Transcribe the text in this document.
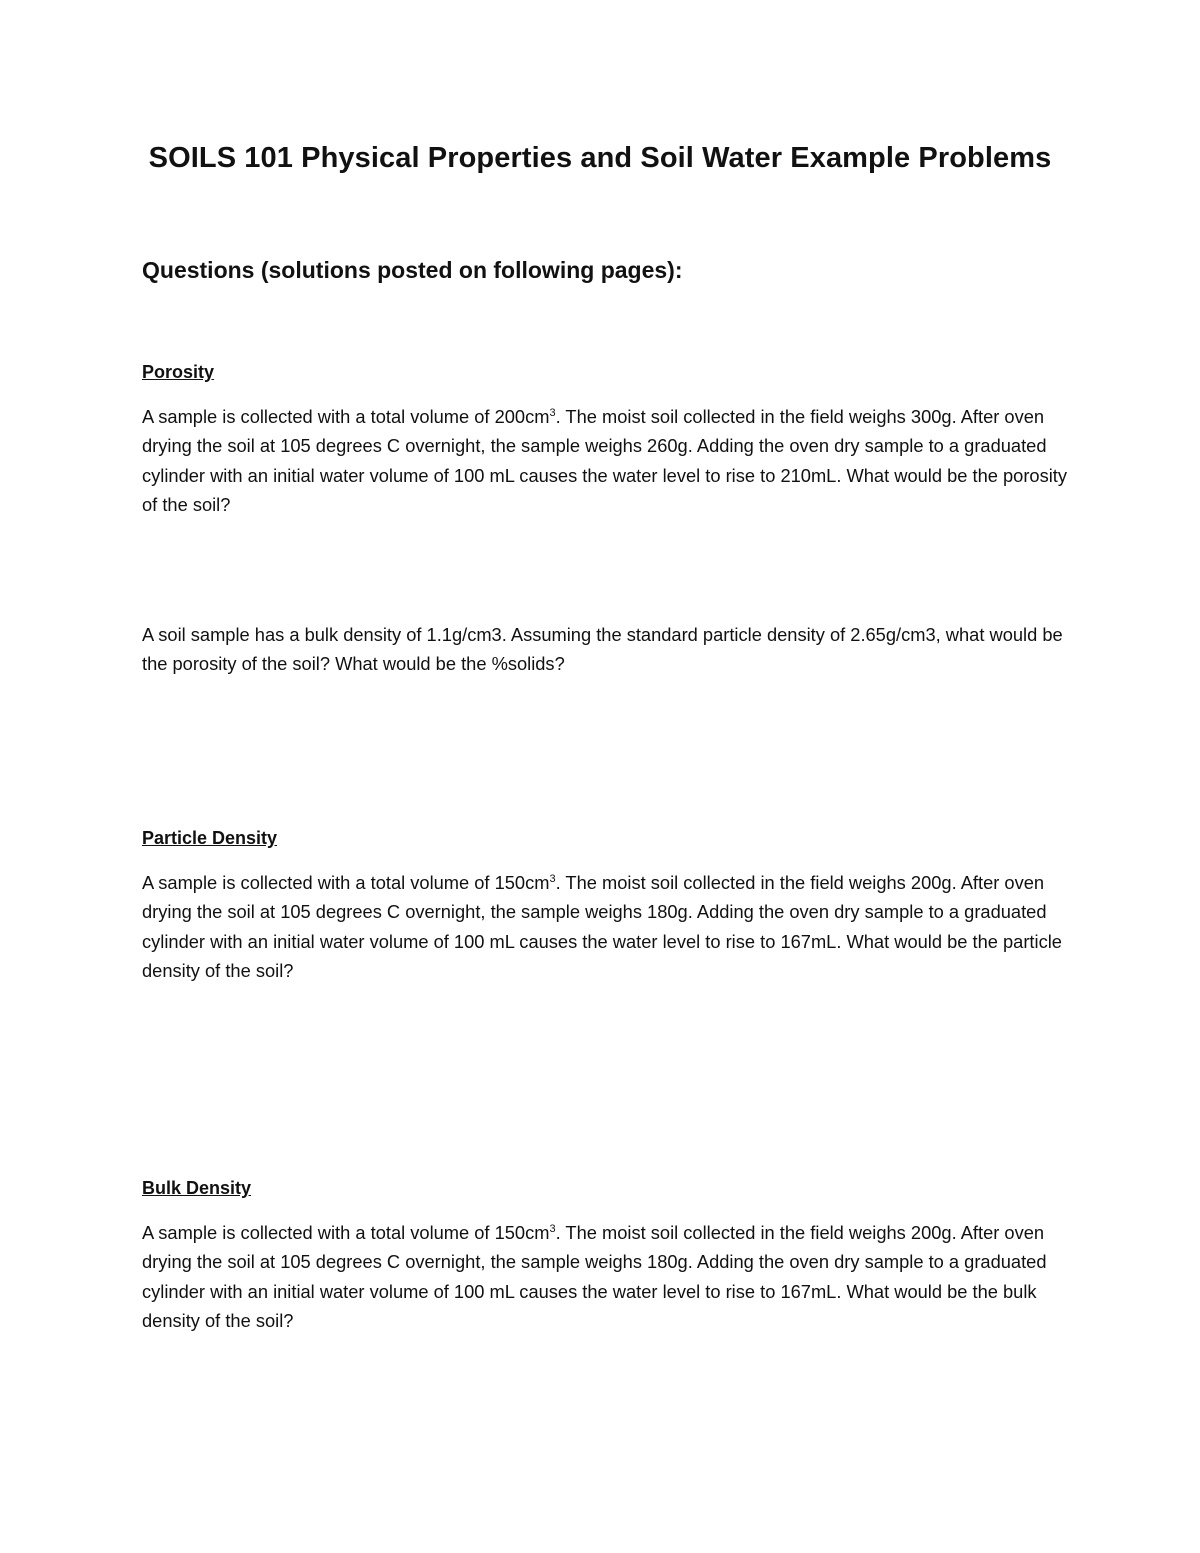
SOILS 101 Physical Properties and Soil Water Example Problems
Questions (solutions posted on following pages):
Porosity

A sample is collected with a total volume of $200cm^3$. The moist soil collected in the field weighs 300g. After oven drying the soil at 105 degrees C overnight, the sample weighs 260g. Adding the oven dry sample to a graduated cylinder with an initial water volume of 100 mL causes the water level to rise to 210mL. What would be the porosity of the soil?

A soil sample has a bulk density of 1.1g/cm3. Assuming the standard particle density of 2.65g/cm3, what would be the porosity of the soil? What would be the %solids?

Particle Density

A sample is collected with a total volume of $150cm^3$. The moist soil collected in the field weighs 200g. After oven drying the soil at 105 degrees C overnight, the sample weighs 180g. Adding the oven dry sample to a graduated cylinder with an initial water volume of 100 mL causes the water level to rise to 167mL. What would be the particle density of the soil?

Bulk Density

A sample is collected with a total volume of $150cm^3$. The moist soil collected in the field weighs 200g. After oven drying the soil at 105 degrees C overnight, the sample weighs 180g. Adding the oven dry sample to a graduated cylinder with an initial water volume of 100 mL causes the water level to rise to 167mL. What would be the bulk density of the soil?
